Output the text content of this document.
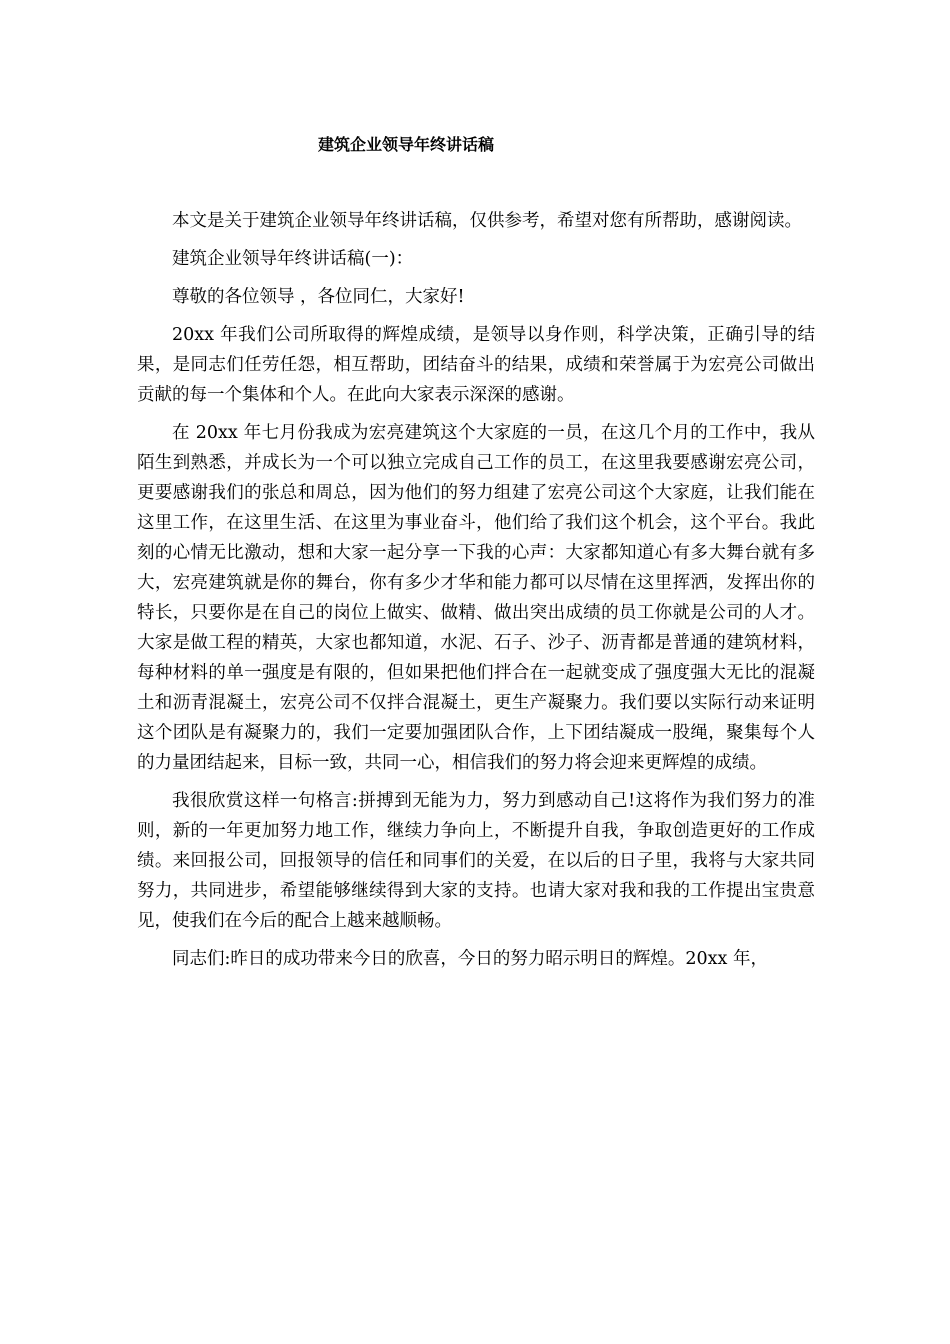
建筑企业领导年终讲话稿

本文是关于建筑企业领导年终讲话稿，仅供参考，希望对您有所帮助，感谢阅读。

建筑企业领导年终讲话稿(一)：

尊敬的各位领导 ，各位同仁，大家好!

20xx 年我们公司所取得的辉煌成绩，是领导以身作则，科学决策，正确引导的结果，是同志们任劳任怨，相互帮助，团结奋斗的结果，成绩和荣誉属于为宏亮公司做出贡献的每一个集体和个人。在此向大家表示深深的感谢。

在 20xx 年七月份我成为宏亮建筑这个大家庭的一员，在这几个月的工作中，我从陌生到熟悉，并成长为一个可以独立完成自己工作的员工，在这里我要感谢宏亮公司，更要感谢我们的张总和周总，因为他们的努力组建了宏亮公司这个大家庭，让我们能在这里工作，在这里生活、在这里为事业奋斗，他们给了我们这个机会，这个平台。我此刻的心情无比激动，想和大家一起分享一下我的心声：大家都知道心有多大舞台就有多大，宏亮建筑就是你的舞台，你有多少才华和能力都可以尽情在这里挥洒，发挥出你的特长，只要你是在自己的岗位上做实、做精、做出突出成绩的员工你就是公司的人才。大家是做工程的精英，大家也都知道，水泥、石子、沙子、沥青都是普通的建筑材料，每种材料的单一强度是有限的，但如果把他们拌合在一起就变成了强度强大无比的混凝土和沥青混凝土，宏亮公司不仅拌合混凝土，更生产凝聚力。我们要以实际行动来证明这个团队是有凝聚力的，我们一定要加强团队合作，上下团结凝成一股绳，聚集每个人的力量团结起来，目标一致，共同一心，相信我们的努力将会迎来更辉煌的成绩。

我很欣赏这样一句格言:拼搏到无能为力，努力到感动自己!这将作为我们努力的准则，新的一年更加努力地工作，继续力争向上，不断提升自我，争取创造更好的工作成绩。来回报公司，回报领导的信任和同事们的关爱，在以后的日子里，我将与大家共同努力，共同进步，希望能够继续得到大家的支持。也请大家对我和我的工作提出宝贵意见，使我们在今后的配合上越来越顺畅。

同志们:昨日的成功带来今日的欣喜，今日的努力昭示明日的辉煌。20xx 年，
